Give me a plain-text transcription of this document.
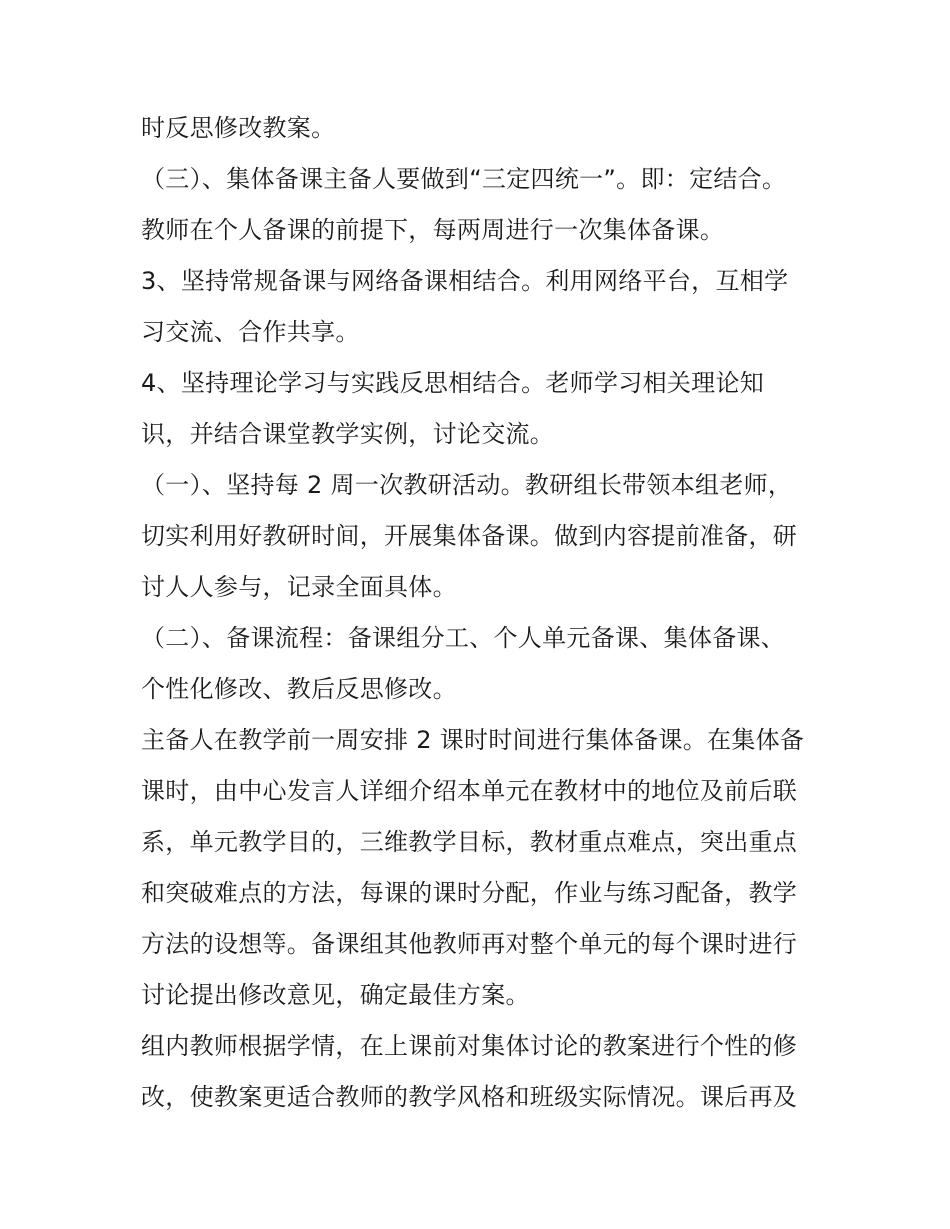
时反思修改教案。
（三）、集体备课主备人要做到“三定四统一”。即：定结合。
教师在个人备课的前提下，每两周进行一次集体备课。
3、坚持常规备课与网络备课相结合。利用网络平台，互相学
习交流、合作共享。
4、坚持理论学习与实践反思相结合。老师学习相关理论知
识，并结合课堂教学实例，讨论交流。
（一）、坚持每 2 周一次教研活动。教研组长带领本组老师，
切实利用好教研时间，开展集体备课。做到内容提前准备，研
讨人人参与，记录全面具体。
（二）、备课流程：备课组分工、个人单元备课、集体备课、
个性化修改、教后反思修改。
主备人在教学前一周安排 2 课时时间进行集体备课。在集体备
课时，由中心发言人详细介绍本单元在教材中的地位及前后联
系，单元教学目的，三维教学目标，教材重点难点，突出重点
和突破难点的方法，每课的课时分配，作业与练习配备，教学
方法的设想等。备课组其他教师再对整个单元的每个课时进行
讨论提出修改意见，确定最佳方案。
组内教师根据学情，在上课前对集体讨论的教案进行个性的修
改，使教案更适合教师的教学风格和班级实际情况。课后再及
